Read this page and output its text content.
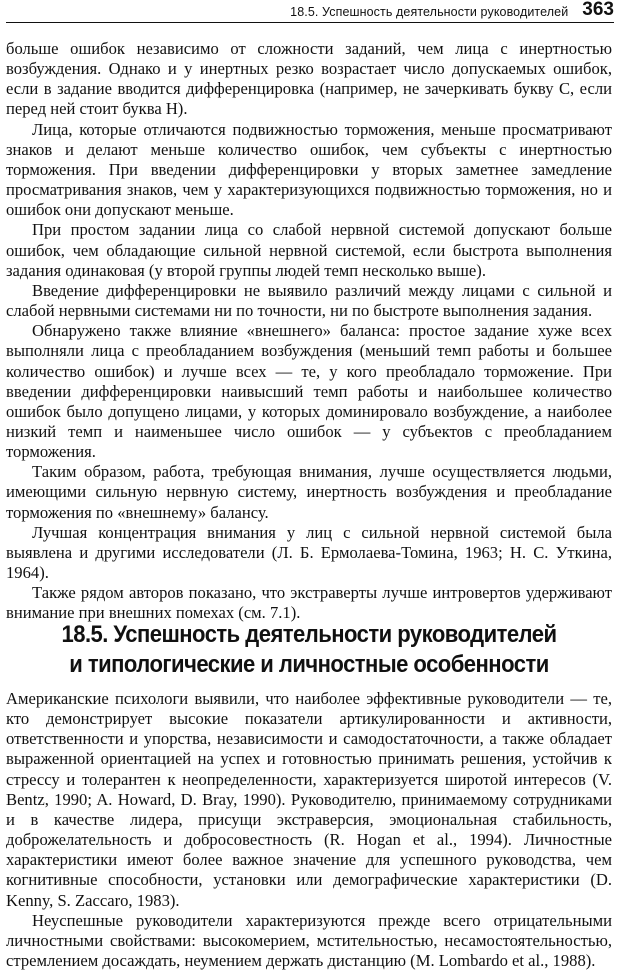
18.5. Успешность деятельности руководителей 363

больше ошибок независимо от сложности заданий, чем лица с инертностью возбуждения. Однако и у инертных резко возрастает число допускаемых ошибок, если в задание вводится дифференцировка (например, не зачеркивать букву С, если перед ней стоит буква Н).

Лица, которые отличаются подвижностью торможения, меньше просматривают знаков и делают меньше количество ошибок, чем субъекты с инертностью торможения. При введении дифференцировки у вторых заметнее замедление просматривания знаков, чем у характеризующихся подвижностью торможения, но и ошибок они допускают меньше.

При простом задании лица со слабой нервной системой допускают больше ошибок, чем обладающие сильной нервной системой, если быстрота выполнения задания одинаковая (у второй группы людей темп несколько выше).

Введение дифференцировки не выявило различий между лицами с сильной и слабой нервными системами ни по точности, ни по быстроте выполнения задания.

Обнаружено также влияние «внешнего» баланса: простое задание хуже всех выполняли лица с преобладанием возбуждения (меньший темп работы и большее количество ошибок) и лучше всех — те, у кого преобладало торможение. При введении дифференцировки наивысший темп работы и наибольшее количество ошибок было допущено лицами, у которых доминировало возбуждение, а наиболее низкий темп и наименьшее число ошибок — у субъектов с преобладанием торможения.

Таким образом, работа, требующая внимания, лучше осуществляется людьми, имеющими сильную нервную систему, инертность возбуждения и преобладание торможения по «внешнему» балансу.

Лучшая концентрация внимания у лиц с сильной нервной системой была выявлена и другими исследователи (Л. Б. Ермолаева-Томина, 1963; Н. С. Уткина, 1964).

Также рядом авторов показано, что экстраверты лучше интровертов удерживают внимание при внешних помехах (см. 7.1).

18.5. Успешность деятельности руководителей
и типологические и личностные особенности

Американские психологи выявили, что наиболее эффективные руководители — те, кто демонстрирует высокие показатели артикулированности и активности, ответственности и упорства, независимости и самодостаточности, а также обладает выраженной ориентацией на успех и готовностью принимать решения, устойчив к стрессу и толерантен к неопределенности, характеризуется широтой интересов (V. Bentz, 1990; A. Howard, D. Bray, 1990). Руководителю, принимаемому сотрудниками и в качестве лидера, присущи экстраверсия, эмоциональная стабильность, доброжелательность и добросовестность (R. Hogan et al., 1994). Личностные характеристики имеют более важное значение для успешного руководства, чем когнитивные способности, установки или демографические характеристики (D. Kenny, S. Zaccaro, 1983).

Неуспешные руководители характеризуются прежде всего отрицательными личностными свойствами: высокомерием, мстительностью, несамостоятельностью, стремлением досаждать, неумением держать дистанцию (M. Lombardo et al., 1988).
